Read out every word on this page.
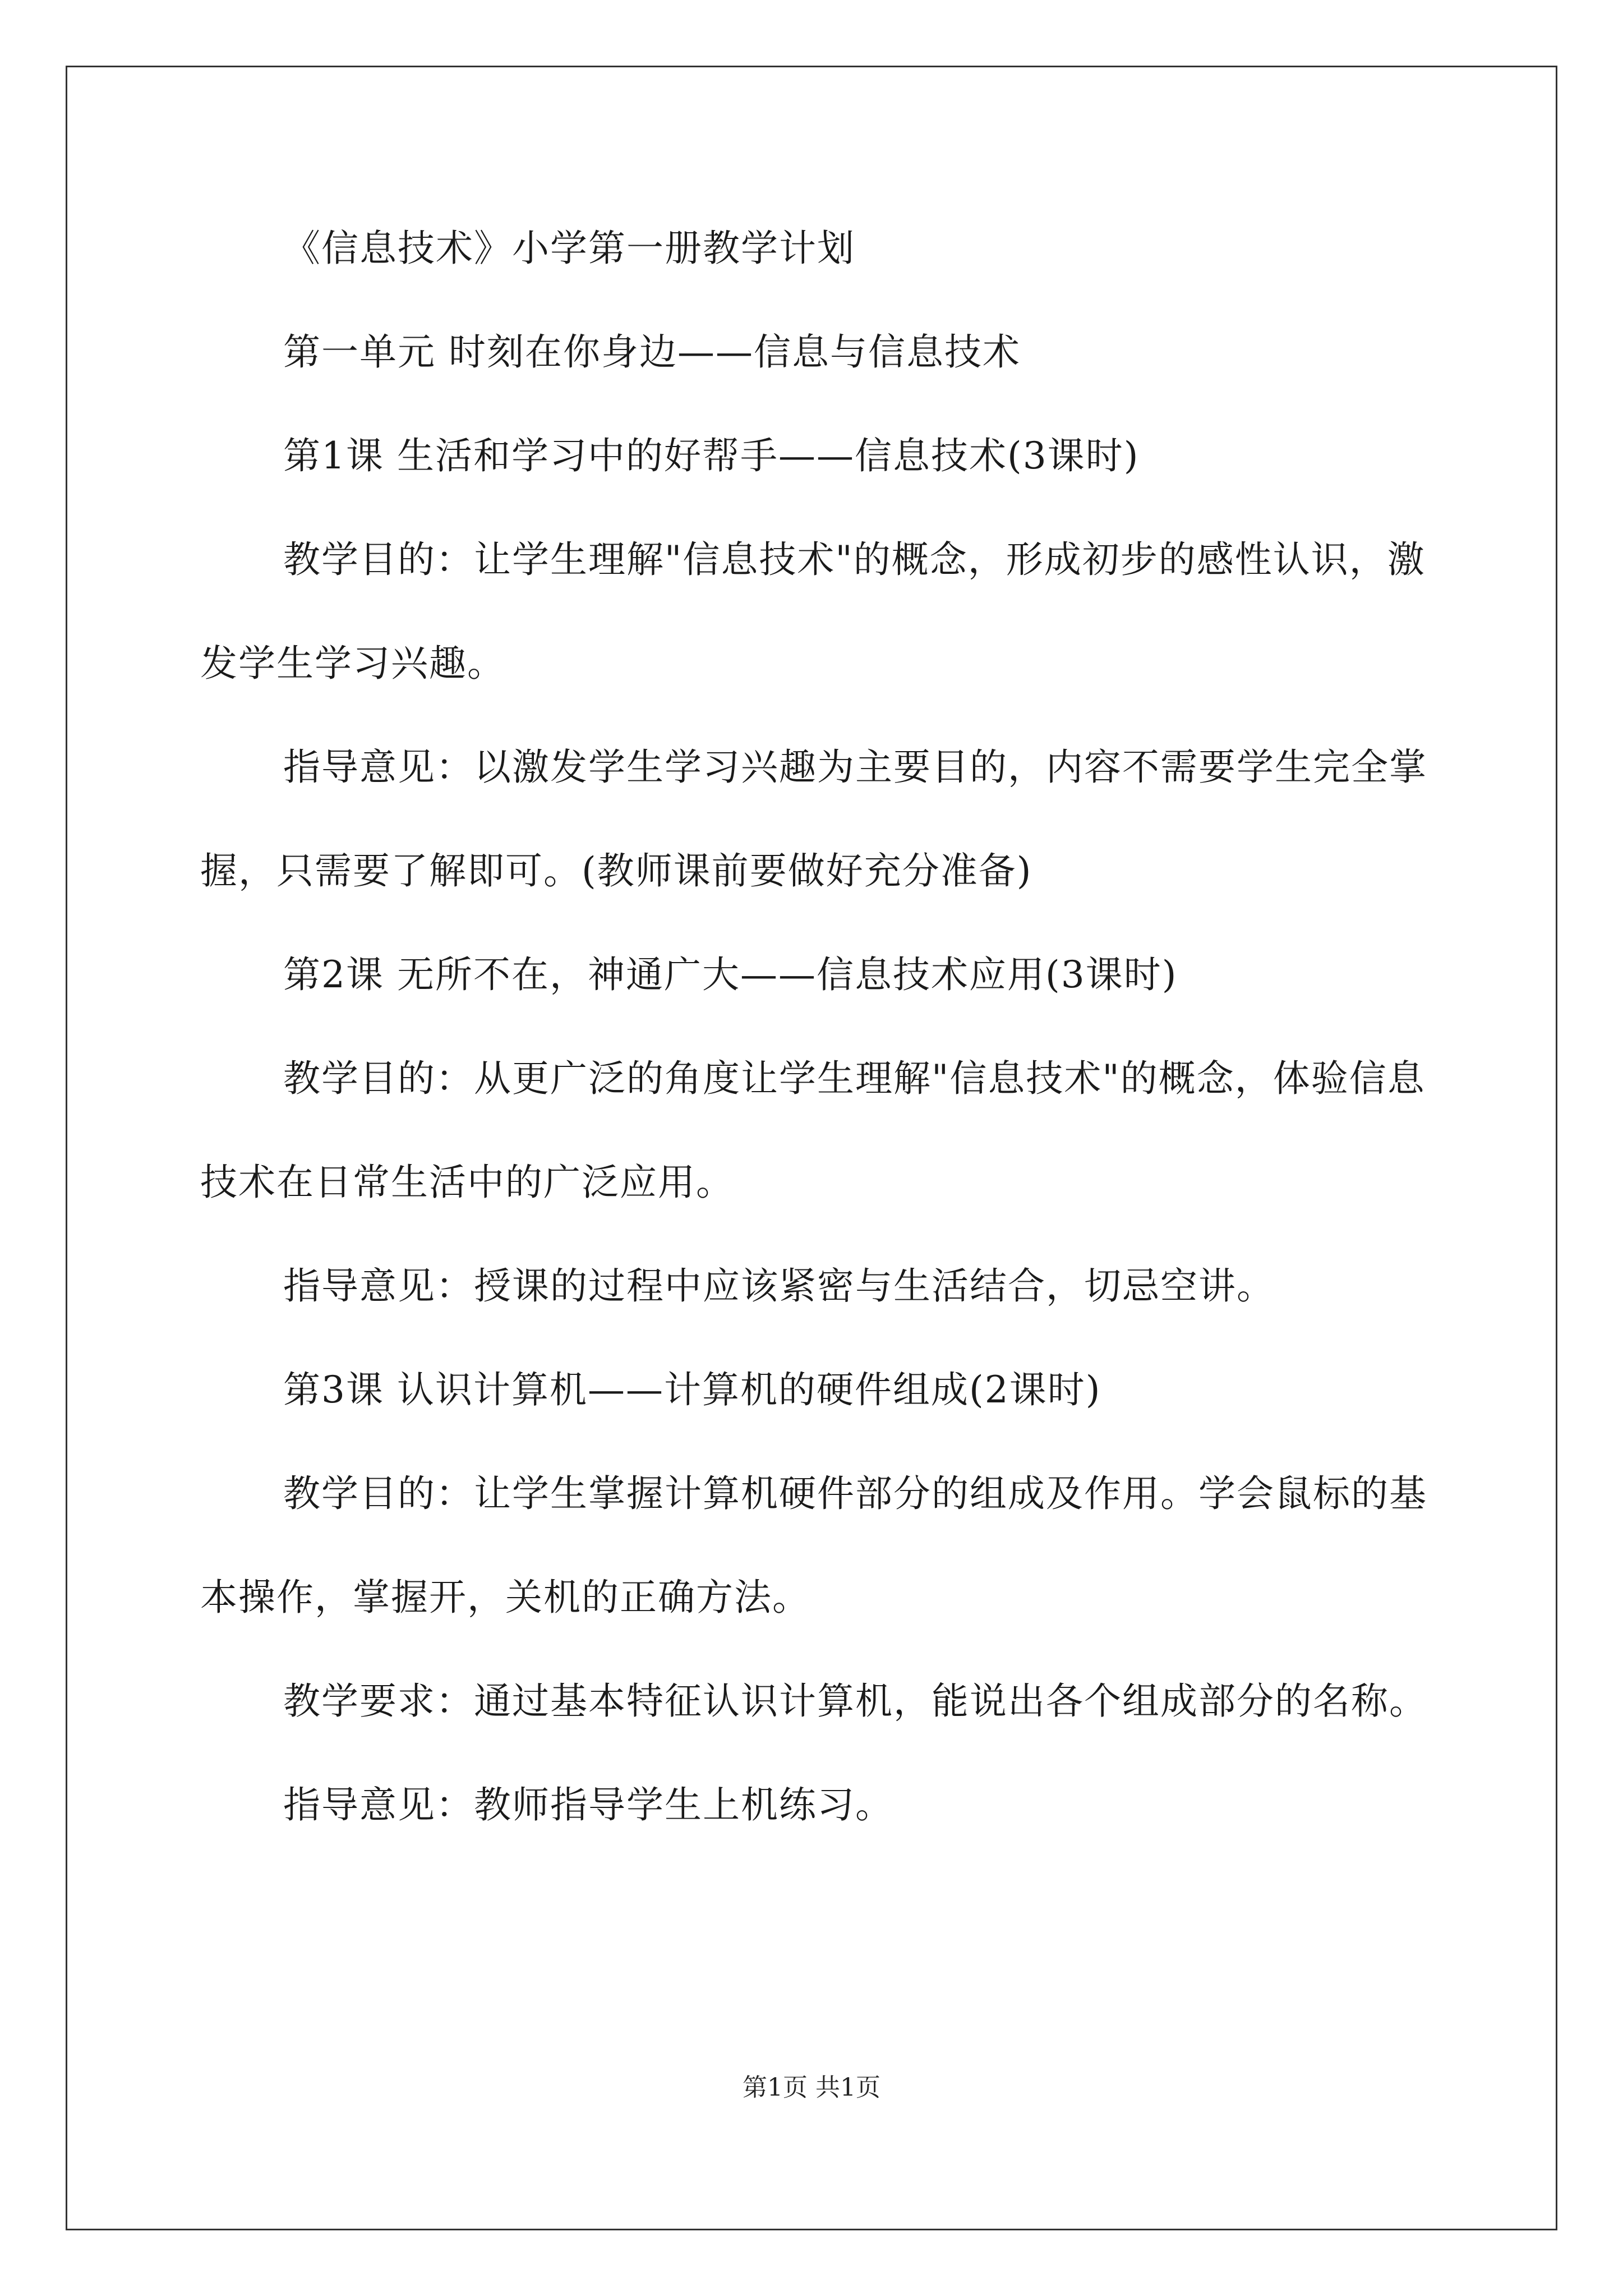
《信息技术》小学第一册教学计划

第一单元 时刻在你身边——信息与信息技术

第1课 生活和学习中的好帮手——信息技术(3课时)

教学目的：让学生理解"信息技术"的概念，形成初步的感性认识，激发学生学习兴趣。

指导意见：以激发学生学习兴趣为主要目的，内容不需要学生完全掌握，只需要了解即可。(教师课前要做好充分准备)

第2课 无所不在，神通广大——信息技术应用(3课时)

教学目的：从更广泛的角度让学生理解"信息技术"的概念，体验信息技术在日常生活中的广泛应用。

指导意见：授课的过程中应该紧密与生活结合，切忌空讲。

第3课 认识计算机——计算机的硬件组成(2课时)

教学目的：让学生掌握计算机硬件部分的组成及作用。学会鼠标的基本操作，掌握开，关机的正确方法。

教学要求：通过基本特征认识计算机，能说出各个组成部分的名称。

指导意见：教师指导学生上机练习。

第1页 共1页
